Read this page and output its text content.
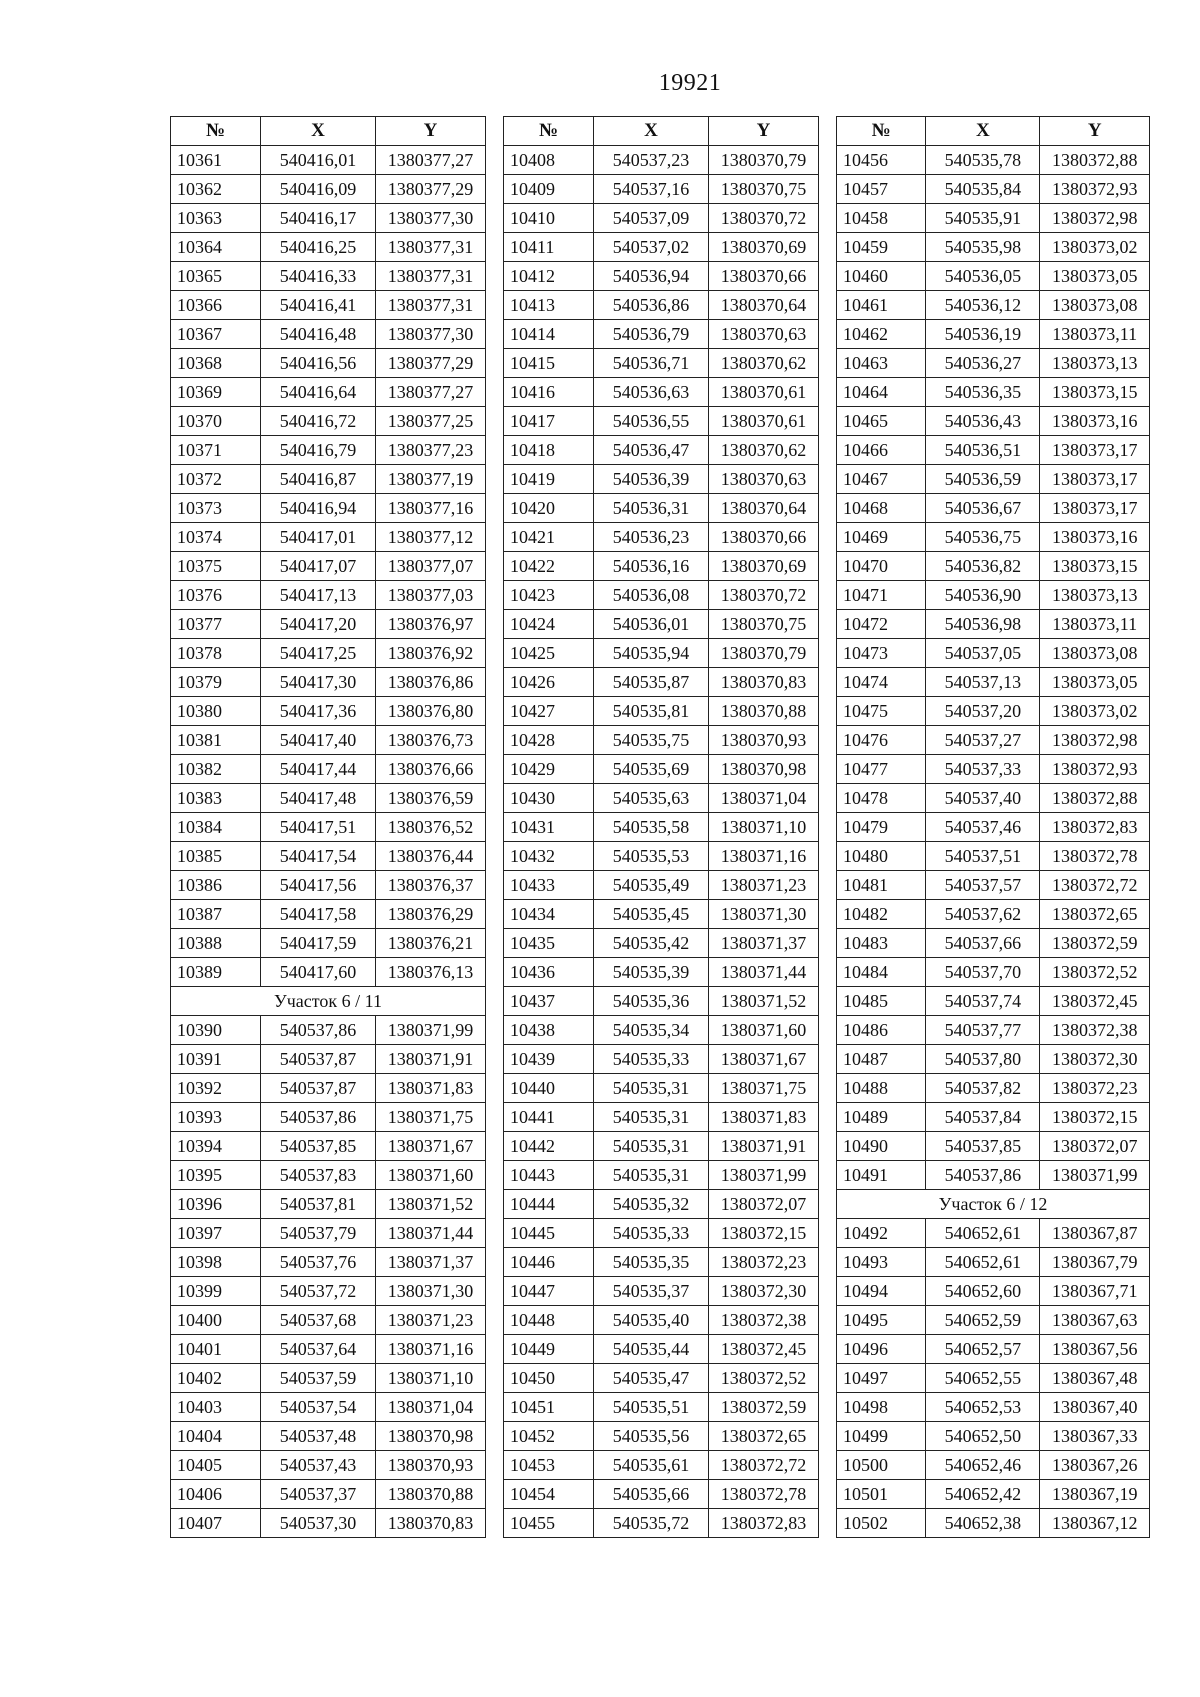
19921
№	X	Y
10361	540416,01	1380377,27
10362	540416,09	1380377,29
10363	540416,17	1380377,30
10364	540416,25	1380377,31
10365	540416,33	1380377,31
10366	540416,41	1380377,31
10367	540416,48	1380377,30
10368	540416,56	1380377,29
10369	540416,64	1380377,27
10370	540416,72	1380377,25
10371	540416,79	1380377,23
10372	540416,87	1380377,19
10373	540416,94	1380377,16
10374	540417,01	1380377,12
10375	540417,07	1380377,07
10376	540417,13	1380377,03
10377	540417,20	1380376,97
10378	540417,25	1380376,92
10379	540417,30	1380376,86
10380	540417,36	1380376,80
10381	540417,40	1380376,73
10382	540417,44	1380376,66
10383	540417,48	1380376,59
10384	540417,51	1380376,52
10385	540417,54	1380376,44
10386	540417,56	1380376,37
10387	540417,58	1380376,29
10388	540417,59	1380376,21
10389	540417,60	1380376,13
Участок 6 / 11		
10390	540537,86	1380371,99
10391	540537,87	1380371,91
10392	540537,87	1380371,83
10393	540537,86	1380371,75
10394	540537,85	1380371,67
10395	540537,83	1380371,60
10396	540537,81	1380371,52
10397	540537,79	1380371,44
10398	540537,76	1380371,37
10399	540537,72	1380371,30
10400	540537,68	1380371,23
10401	540537,64	1380371,16
10402	540537,59	1380371,10
10403	540537,54	1380371,04
10404	540537,48	1380370,98
10405	540537,43	1380370,93
10406	540537,37	1380370,88
10407	540537,30	1380370,83
№	X	Y
10408	540537,23	1380370,79
10409	540537,16	1380370,75
10410	540537,09	1380370,72
10411	540537,02	1380370,69
10412	540536,94	1380370,66
10413	540536,86	1380370,64
10414	540536,79	1380370,63
10415	540536,71	1380370,62
10416	540536,63	1380370,61
10417	540536,55	1380370,61
10418	540536,47	1380370,62
10419	540536,39	1380370,63
10420	540536,31	1380370,64
10421	540536,23	1380370,66
10422	540536,16	1380370,69
10423	540536,08	1380370,72
10424	540536,01	1380370,75
10425	540535,94	1380370,79
10426	540535,87	1380370,83
10427	540535,81	1380370,88
10428	540535,75	1380370,93
10429	540535,69	1380370,98
10430	540535,63	1380371,04
10431	540535,58	1380371,10
10432	540535,53	1380371,16
10433	540535,49	1380371,23
10434	540535,45	1380371,30
10435	540535,42	1380371,37
10436	540535,39	1380371,44
10437	540535,36	1380371,52
10438	540535,34	1380371,60
10439	540535,33	1380371,67
10440	540535,31	1380371,75
10441	540535,31	1380371,83
10442	540535,31	1380371,91
10443	540535,31	1380371,99
10444	540535,32	1380372,07
10445	540535,33	1380372,15
10446	540535,35	1380372,23
10447	540535,37	1380372,30
10448	540535,40	1380372,38
10449	540535,44	1380372,45
10450	540535,47	1380372,52
10451	540535,51	1380372,59
10452	540535,56	1380372,65
10453	540535,61	1380372,72
10454	540535,66	1380372,78
10455	540535,72	1380372,83
№	X	Y
10456	540535,78	1380372,88
10457	540535,84	1380372,93
10458	540535,91	1380372,98
10459	540535,98	1380373,02
10460	540536,05	1380373,05
10461	540536,12	1380373,08
10462	540536,19	1380373,11
10463	540536,27	1380373,13
10464	540536,35	1380373,15
10465	540536,43	1380373,16
10466	540536,51	1380373,17
10467	540536,59	1380373,17
10468	540536,67	1380373,17
10469	540536,75	1380373,16
10470	540536,82	1380373,15
10471	540536,90	1380373,13
10472	540536,98	1380373,11
10473	540537,05	1380373,08
10474	540537,13	1380373,05
10475	540537,20	1380373,02
10476	540537,27	1380372,98
10477	540537,33	1380372,93
10478	540537,40	1380372,88
10479	540537,46	1380372,83
10480	540537,51	1380372,78
10481	540537,57	1380372,72
10482	540537,62	1380372,65
10483	540537,66	1380372,59
10484	540537,70	1380372,52
10485	540537,74	1380372,45
10486	540537,77	1380372,38
10487	540537,80	1380372,30
10488	540537,82	1380372,23
10489	540537,84	1380372,15
10490	540537,85	1380372,07
10491	540537,86	1380371,99
Участок 6 / 12		
10492	540652,61	1380367,87
10493	540652,61	1380367,79
10494	540652,60	1380367,71
10495	540652,59	1380367,63
10496	540652,57	1380367,56
10497	540652,55	1380367,48
10498	540652,53	1380367,40
10499	540652,50	1380367,33
10500	540652,46	1380367,26
10501	540652,42	1380367,19
10502	540652,38	1380367,12
